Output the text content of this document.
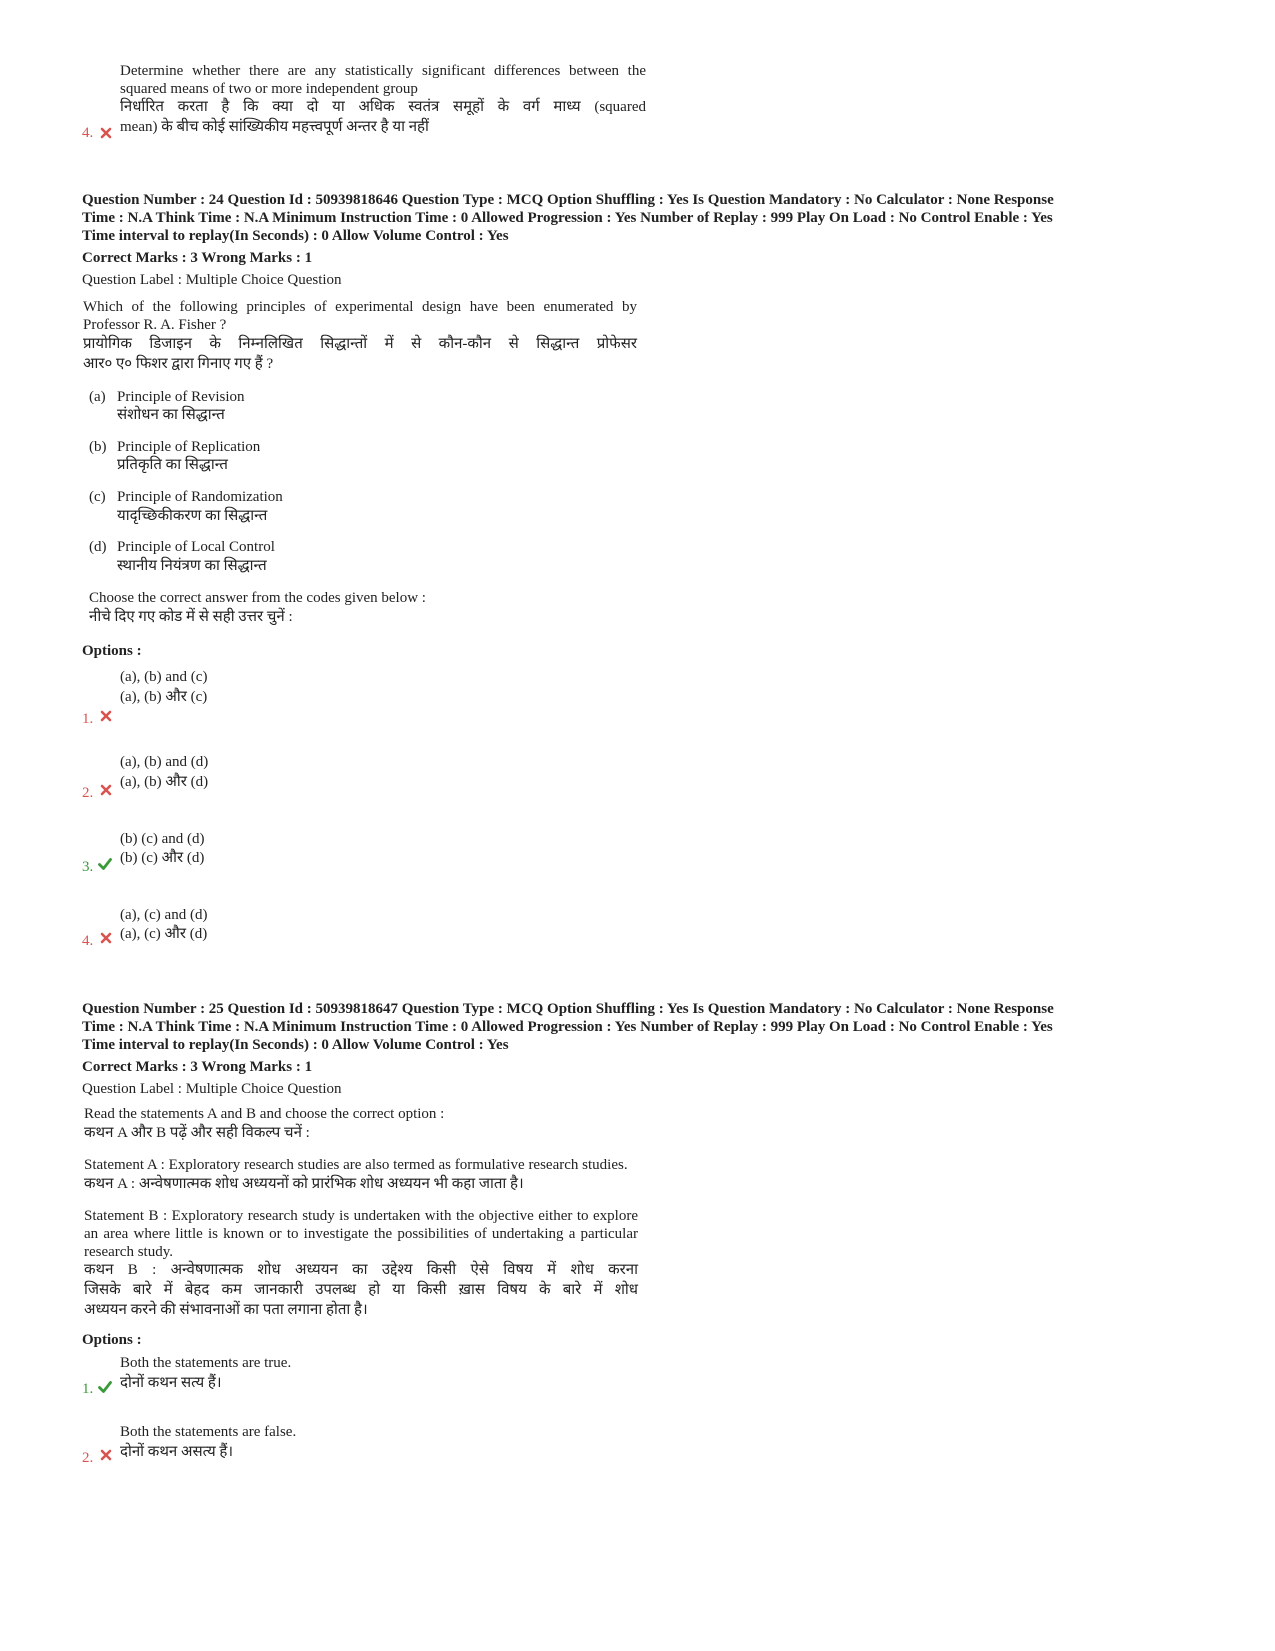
Determine whether there are any statistically significant differences between the
squared means of two or more independent group
निर्धारित करता है कि क्या दो या अधिक स्वतंत्र समूहों के वर्ग माध्य (squared
mean) के बीच कोई सांख्यिकीय महत्त्वपूर्ण अन्तर है या नहीं
4.
Question Number : 24 Question Id : 50939818646 Question Type : MCQ Option Shuffling : Yes Is Question Mandatory : No Calculator : None Response
Time : N.A Think Time : N.A Minimum Instruction Time : 0 Allowed Progression : Yes Number of Replay : 999 Play On Load : No Control Enable : Yes
Time interval to replay(In Seconds) : 0 Allow Volume Control : Yes
Correct Marks : 3 Wrong Marks : 1
Question Label : Multiple Choice Question
Which of the following principles of experimental design have been enumerated by
Professor R. A. Fisher ?
प्रायोगिक डिजाइन के निम्नलिखित सिद्धान्तों में से कौन-कौन से सिद्धान्त प्रोफेसर
आर० ए० फिशर द्वारा गिनाए गए हैं ?
(a) Principle of Revision
संशोधन का सिद्धान्त
(b) Principle of Replication
प्रतिकृति का सिद्धान्त
(c) Principle of Randomization
यादृच्छिकीकरण का सिद्धान्त
(d) Principle of Local Control
स्थानीय नियंत्रण का सिद्धान्त
Choose the correct answer from the codes given below :
नीचे दिए गए कोड में से सही उत्तर चुनें :
Options :
(a), (b) and (c)
(a), (b) और (c)
1.
(a), (b) and (d)
(a), (b) और (d)
2.
(b) (c) and (d)
(b) (c) और (d)
3.
(a), (c) and (d)
(a), (c) और (d)
4.
Question Number : 25 Question Id : 50939818647 Question Type : MCQ Option Shuffling : Yes Is Question Mandatory : No Calculator : None Response
Time : N.A Think Time : N.A Minimum Instruction Time : 0 Allowed Progression : Yes Number of Replay : 999 Play On Load : No Control Enable : Yes
Time interval to replay(In Seconds) : 0 Allow Volume Control : Yes
Correct Marks : 3 Wrong Marks : 1
Question Label : Multiple Choice Question
Read the statements A and B and choose the correct option :
कथन A और B पढ़ें और सही विकल्प चनें :
Statement A : Exploratory research studies are also termed as formulative research studies.
कथन A : अन्वेषणात्मक शोध अध्ययनों को प्रारंभिक शोध अध्ययन भी कहा जाता है।
Statement B : Exploratory research study is undertaken with the objective either to explore
an area where little is known or to investigate the possibilities of undertaking a particular
research study.
कथन B : अन्वेषणात्मक शोध अध्ययन का उद्देश्य किसी ऐसे विषय में शोध करना
जिसके बारे में बेहद कम जानकारी उपलब्ध हो या किसी ख़ास विषय के बारे में शोध
अध्ययन करने की संभावनाओं का पता लगाना होता है।
Options :
Both the statements are true.
दोनों कथन सत्य हैं।
1.
Both the statements are false.
दोनों कथन असत्य हैं।
2.
